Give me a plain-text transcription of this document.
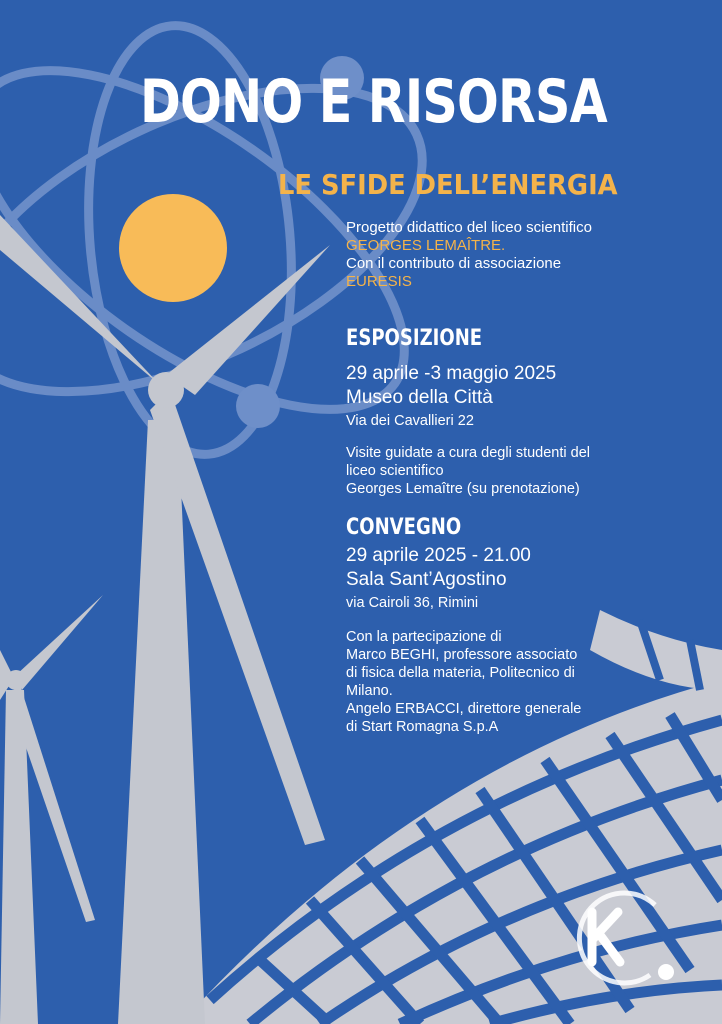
DONO E RISORSA
LE SFIDE DELL’ENERGIA
Progetto didattico del liceo scientifico
GEORGES LEMAÎTRE.
Con il contributo di associazione
EURESIS
ESPOSIZIONE
29 aprile -3 maggio 2025
Museo della Città
Via dei Cavallieri 22
Visite guidate a cura degli studenti del
liceo scientifico
Georges Lemaître (su prenotazione)
CONVEGNO
29 aprile 2025 - 21.00
Sala Sant’Agostino
via Cairoli 36, Rimini
Con la partecipazione di
Marco BEGHI, professore associato
di fisica della materia, Politecnico di
Milano.
Angelo ERBACCI, direttore generale
di Start Romagna S.p.A
